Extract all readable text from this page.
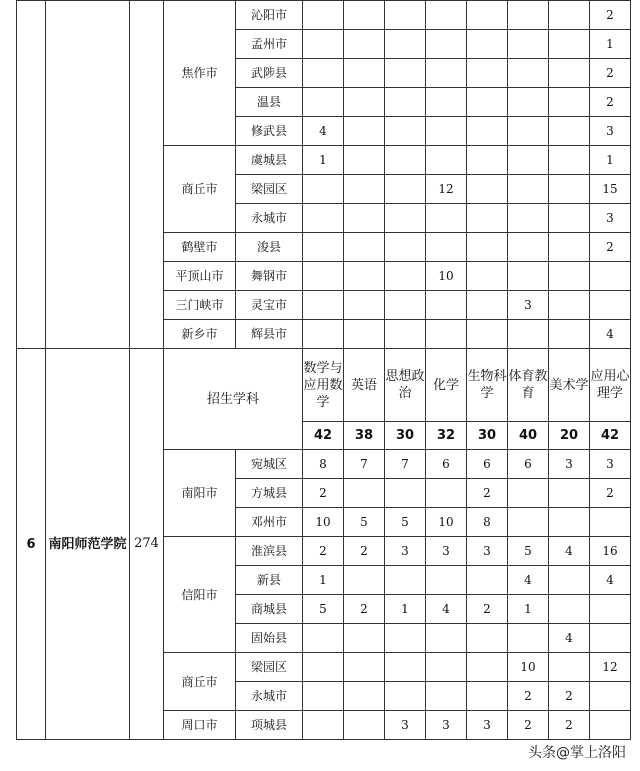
			焦作市	沁阳市								2
				孟州市								1
				武陟县								2
				温县								2
				修武县	4							3
			商丘市	虞城县	1							1
				梁园区				12				15
				永城市								3
			鹤壁市	浚县								2
			平顶山市	舞钢市				10				
			三门峡市	灵宝市						3		
			新乡市	辉县市								4
6	南阳师范学院	274	招生学科		数学与应用数学	英语	思想政治	化学	生物科学	体育教育	美术学	应用心理学
					42	38	30	32	30	40	20	42
			南阳市	宛城区	8	7	7	6	6	6	3	3
				方城县	2				2			2
				邓州市	10	5	5	10	8			
			信阳市	淮滨县	2	2	3	3	3	5	4	16
				新县	1					4		4
				商城县	5	2	1	4	2	1		
				固始县							4	
			商丘市	梁园区						10		12
				永城市						2	2	
			周口市	项城县			3	3	3	2	2	
头条@掌上洛阳
